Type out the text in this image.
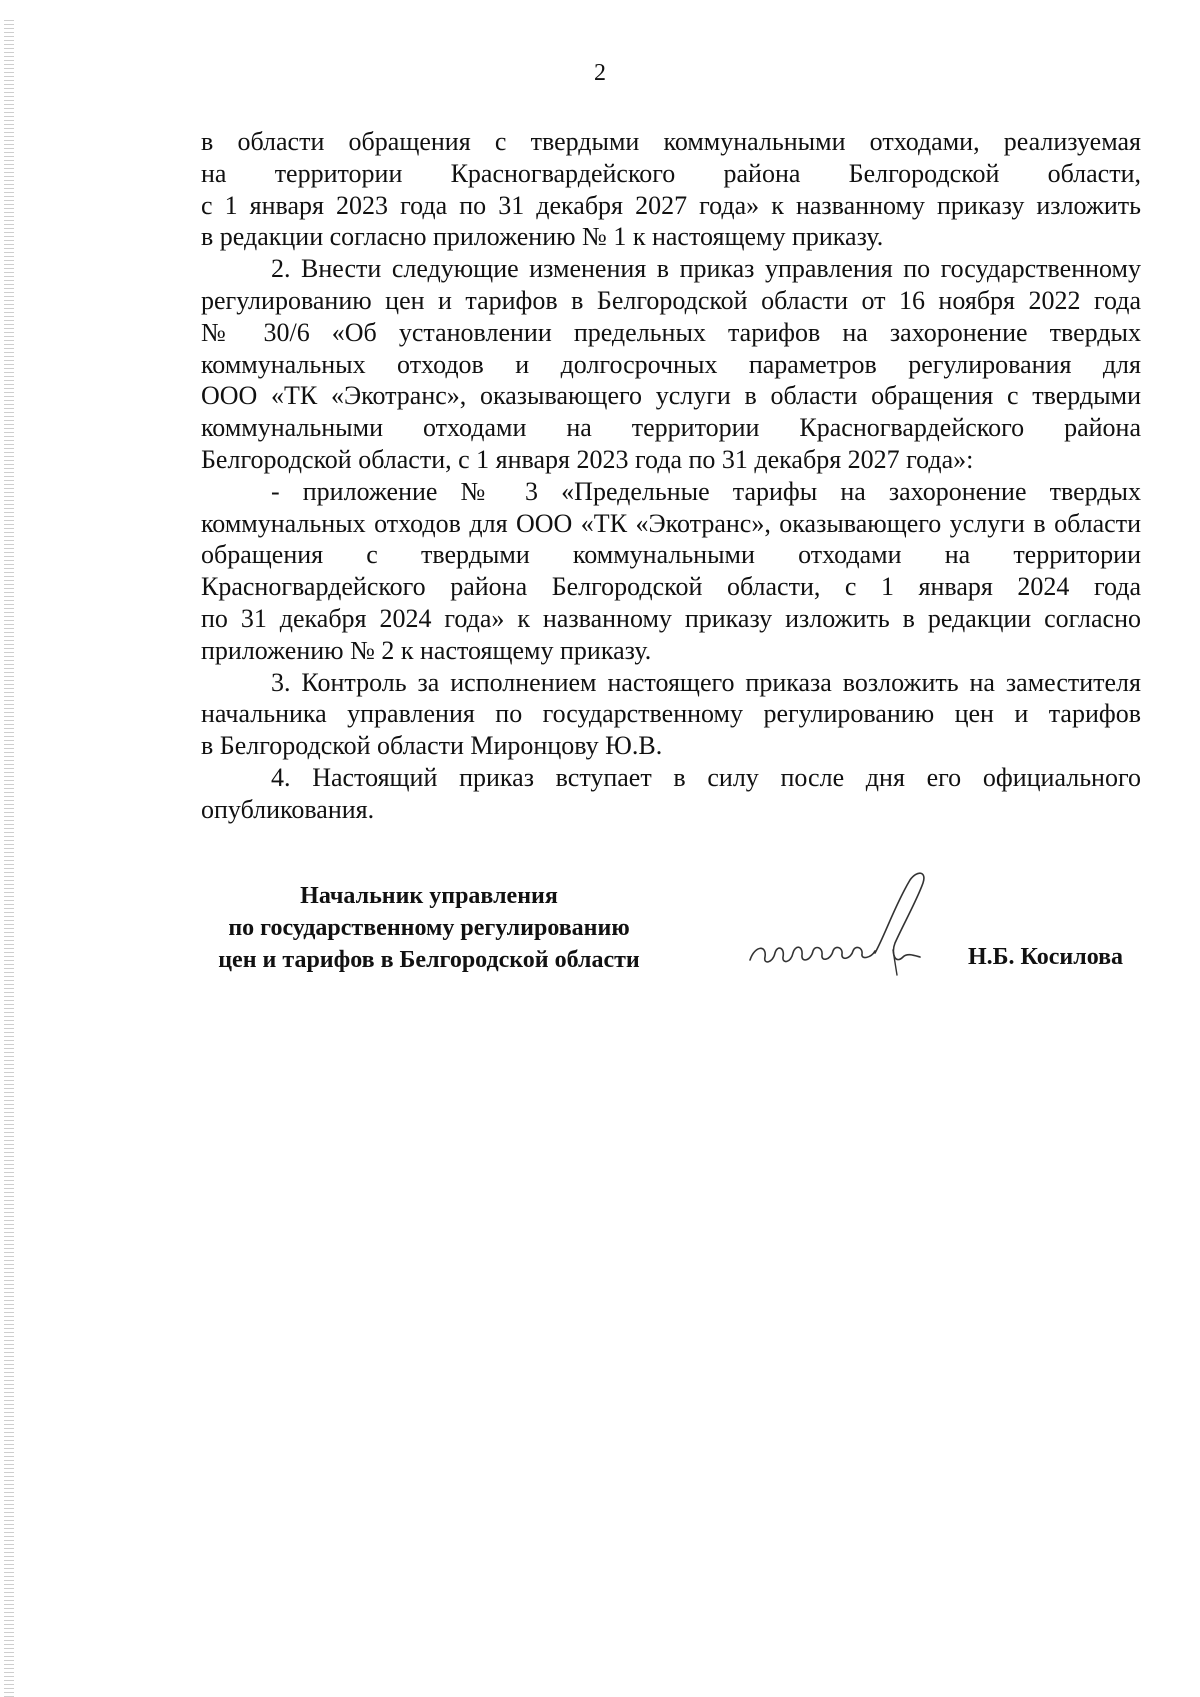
2

в области обращения с твердыми коммунальными отходами, реализуемая
на территории Красногвардейского района Белгородской области,
с 1 января 2023 года по 31 декабря 2027 года» к названному приказу изложить
в редакции согласно приложению № 1 к настоящему приказу.

2. Внести следующие изменения в приказ управления по государственному
регулированию цен и тарифов в Белгородской области от 16 ноября 2022 года
№ 30/6 «Об установлении предельных тарифов на захоронение твердых
коммунальных отходов и долгосрочных параметров регулирования для
ООО «ТК «Экотранс», оказывающего услуги в области обращения с твердыми
коммунальными отходами на территории Красногвардейского района
Белгородской области, с 1 января 2023 года по 31 декабря 2027 года»:

- приложение № 3 «Предельные тарифы на захоронение твердых
коммунальных отходов для ООО «ТК «Экотранс», оказывающего услуги в области
обращения с твердыми коммунальными отходами на территории
Красногвардейского района Белгородской области, с 1 января 2024 года
по 31 декабря 2024 года» к названному приказу изложить в редакции согласно
приложению № 2 к настоящему приказу.

3. Контроль за исполнением настоящего приказа возложить на заместителя
начальника управления по государственному регулированию цен и тарифов
в Белгородской области Миронцову Ю.В.

4. Настоящий приказ вступает в силу после дня его официального
опубликования.

Начальник управления
по государственному регулированию
цен и тарифов в Белгородской области	Н.Б. Косилова
